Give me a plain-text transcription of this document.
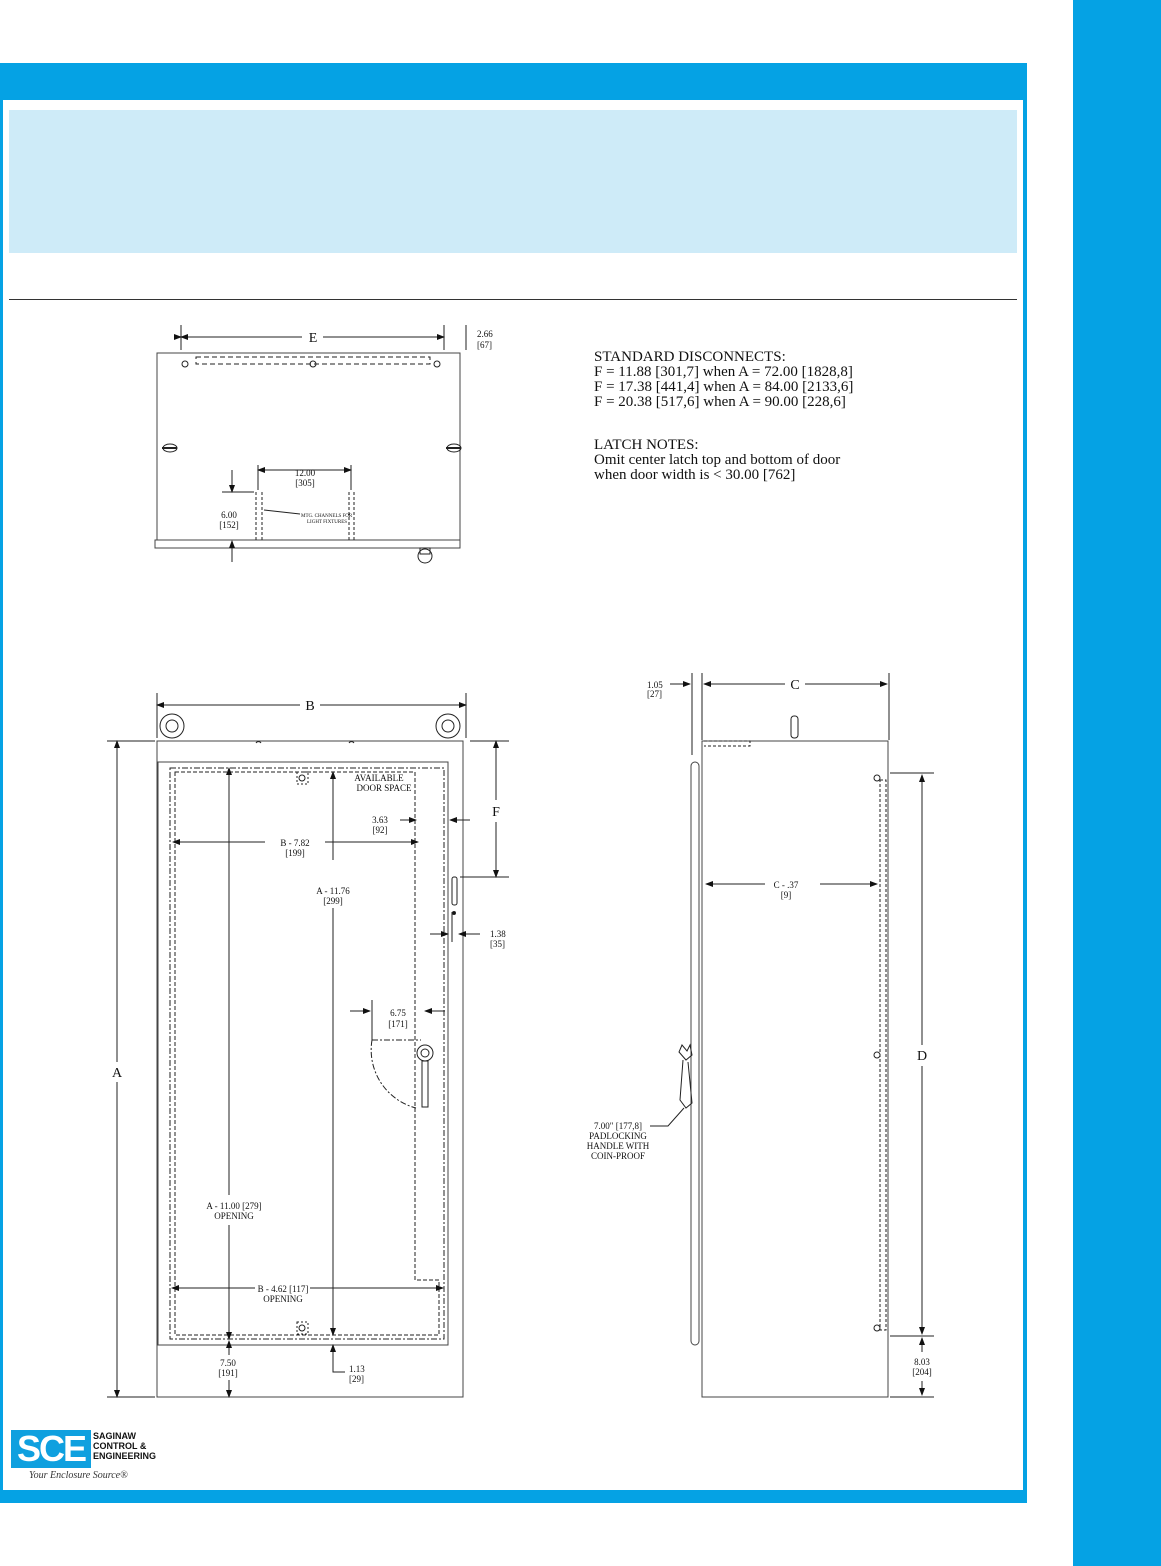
E	2.66
[67]
12.00
[305]
6.00
[152]
MTG. CHANNELS FOR
LIGHT FIXTURES
B
A
F
AVAILABLE
DOOR SPACE
3.63
[92]
B - 7.82
[199]
A - 11.76
[299]
1.38
[35]
6.75
[171]
A - 11.00 [279]
OPENING
B - 4.62 [117]
OPENING
7.50
[191]	1.13
[29]
C
1.05
[27]
C - .37
[9]
D
7.00" [177,8]
PADLOCKING
HANDLE WITH
COIN-PROOF
8.03
[204]
STANDARD DISCONNECTS:
F = 11.88 [301,7] when A = 72.00 [1828,8]
F = 17.38 [441,4] when A = 84.00 [2133,6]
F = 20.38 [517,6] when A = 90.00 [228,6]
LATCH NOTES:
Omit center latch top and bottom of door
when door width is < 30.00 [762]
SCE SAGINAW
CONTROL &
ENGINEERING
Your Enclosure Source®
